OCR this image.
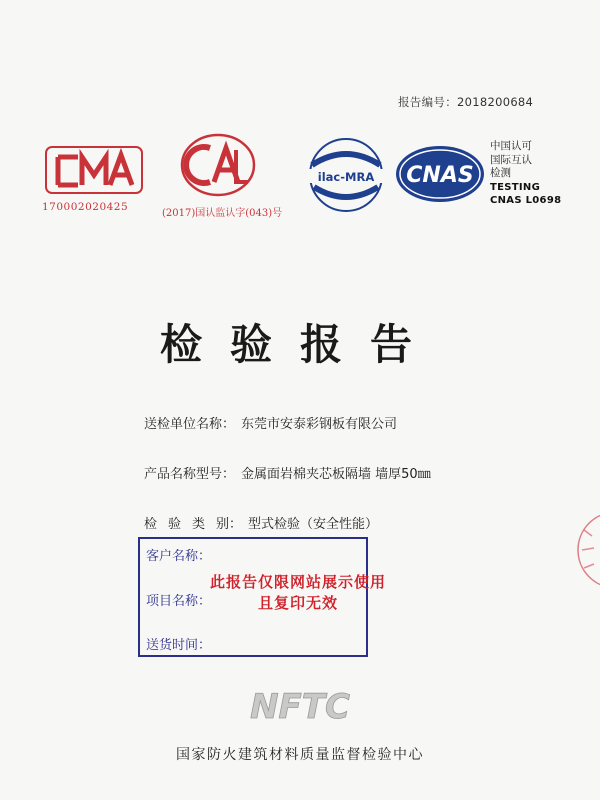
报告编号：2018200684
170002020425
(2017)国认监认字(043)号
ilac-MRA CNAS
中国认可
国际互认
检测
TESTING
CNAS L0698
检验报告
送检单位名称： 东莞市安泰彩钢板有限公司
产品名称型号： 金属面岩棉夹芯板隔墙 墙厚50㎜
检 验 类 别： 型式检验（安全性能）
客户名称：
项目名称：
送货时间：
此报告仅限网站展示使用
且复印无效
NFTC
国家防火建筑材料质量监督检验中心
